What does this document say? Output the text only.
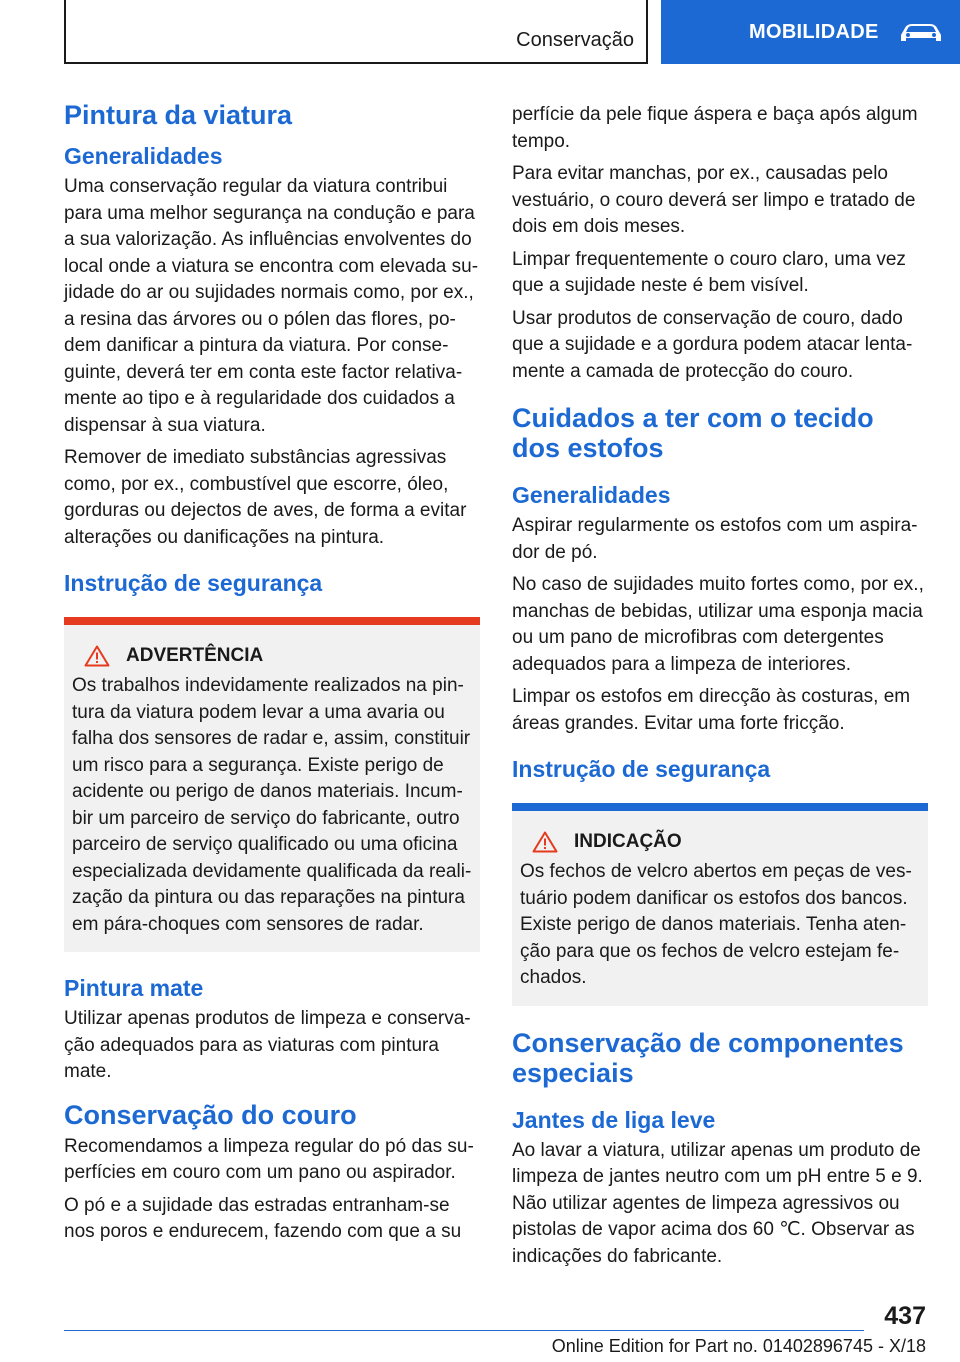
Conservação	MOBILIDADE
Pintura da viatura
Generalidades

Uma conservação regular da viatura contribui para uma melhor segurança na condução e para a sua valorização. As influências envolventes do local onde a viatura se encontra com elevada sujidade do ar ou sujidades normais como, por ex., a resina das árvores ou o pólen das flores, podem danificar a pintura da viatura. Por conseguinte, deverá ter em conta este factor relativamente ao tipo e à regularidade dos cuidados a dispensar à sua viatura.

Remover de imediato substâncias agressivas como, por ex., combustível que escorre, óleo, gorduras ou dejectos de aves, de forma a evitar alterações ou danificações na pintura.

Instrução de segurança
ADVERTÊNCIA

Os trabalhos indevidamente realizados na pintura da viatura podem levar a uma avaria ou falha dos sensores de radar e, assim, constituir um risco para a segurança. Existe perigo de acidente ou perigo de danos materiais. Incumbir um parceiro de serviço do fabricante, outro parceiro de serviço qualificado ou uma oficina especializada devidamente qualificada da realização da pintura ou das reparações na pintura em pára-choques com sensores de radar.

Pintura mate

Utilizar apenas produtos de limpeza e conservação adequados para as viaturas com pintura mate.

Conservação do couro

Recomendamos a limpeza regular do pó das superfícies em couro com um pano ou aspirador.

O pó e a sujidade das estradas entranham-se nos poros e endurecem, fazendo com que a su

perfície da pele fique áspera e baça após algum tempo.

Para evitar manchas, por ex., causadas pelo vestuário, o couro deverá ser limpo e tratado de dois em dois meses.

Limpar frequentemente o couro claro, uma vez que a sujidade neste é bem visível.

Usar produtos de conservação de couro, dado que a sujidade e a gordura podem atacar lentamente a camada de protecção do couro.

Cuidados a ter com o tecido dos estofos
Generalidades

Aspirar regularmente os estofos com um aspirador de pó.

No caso de sujidades muito fortes como, por ex., manchas de bebidas, utilizar uma esponja macia ou um pano de microfibras com detergentes adequados para a limpeza de interiores.

Limpar os estofos em direcção às costuras, em áreas grandes. Evitar uma forte fricção.

Instrução de segurança
INDICAÇÃO

Os fechos de velcro abertos em peças de vestuário podem danificar os estofos dos bancos. Existe perigo de danos materiais. Tenha atenção para que os fechos de velcro estejam fechados.

Conservação de componentes especiais
Jantes de liga leve

Ao lavar a viatura, utilizar apenas um produto de limpeza de jantes neutro com um pH entre 5 e 9. Não utilizar agentes de limpeza agressivos ou pistolas de vapor acima dos 60 ℃. Observar as indicações do fabricante.

437
Online Edition for Part no. 01402896745 - X/18
